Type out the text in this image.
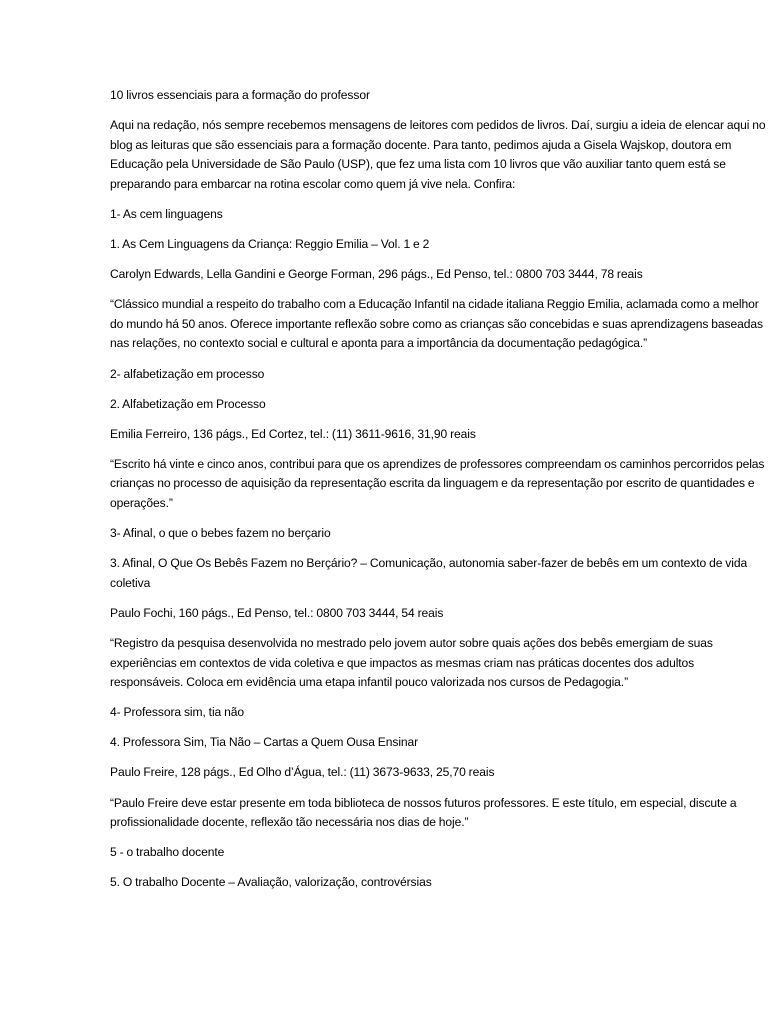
10 livros essenciais para a formação do professor

Aqui na redação, nós sempre recebemos mensagens de leitores com pedidos de livros. Daí, surgiu a ideia de elencar aqui no blog as leituras que são essenciais para a formação docente. Para tanto, pedimos ajuda a Gisela Wajskop, doutora em Educação pela Universidade de São Paulo (USP), que fez uma lista com 10 livros que vão auxiliar tanto quem está se preparando para embarcar na rotina escolar como quem já vive nela. Confira:

1- As cem linguagens

1. As Cem Linguagens da Criança: Reggio Emilia – Vol. 1 e 2

Carolyn Edwards, Lella Gandini e George Forman, 296 págs., Ed Penso, tel.: 0800 703 3444, 78 reais

“Clássico mundial a respeito do trabalho com a Educação Infantil na cidade italiana Reggio Emilia, aclamada como a melhor do mundo há 50 anos. Oferece importante reflexão sobre como as crianças são concebidas e suas aprendizagens baseadas nas relações, no contexto social e cultural e aponta para a importância da documentação pedagógica.”

2- alfabetização em processo

2. Alfabetização em Processo

Emilia Ferreiro, 136 págs., Ed Cortez, tel.: (11) 3611-9616, 31,90 reais

“Escrito há vinte e cinco anos, contribui para que os aprendizes de professores compreendam os caminhos percorridos pelas crianças no processo de aquisição da representação escrita da linguagem e da representação por escrito de quantidades e operações.”

3- Afinal, o que o bebes fazem no berçario

3. Afinal, O Que Os Bebês Fazem no Berçário? – Comunicação, autonomia saber-fazer de bebês em um contexto de vida coletiva

Paulo Fochi, 160 págs., Ed Penso, tel.: 0800 703 3444, 54 reais

“Registro da pesquisa desenvolvida no mestrado pelo jovem autor sobre quais ações dos bebês emergiam de suas experiências em contextos de vida coletiva e que impactos as mesmas criam nas práticas docentes dos adultos responsáveis. Coloca em evidência uma etapa infantil pouco valorizada nos cursos de Pedagogia.”

4- Professora sim, tia não

4. Professora Sim, Tia Não – Cartas a Quem Ousa Ensinar

Paulo Freire, 128 págs., Ed Olho d’Água, tel.: (11) 3673-9633, 25,70 reais

“Paulo Freire deve estar presente em toda biblioteca de nossos futuros professores. E este título, em especial, discute a profissionalidade docente, reflexão tão necessária nos dias de hoje.”

5 - o trabalho docente

5. O trabalho Docente – Avaliação, valorização, controvérsias
